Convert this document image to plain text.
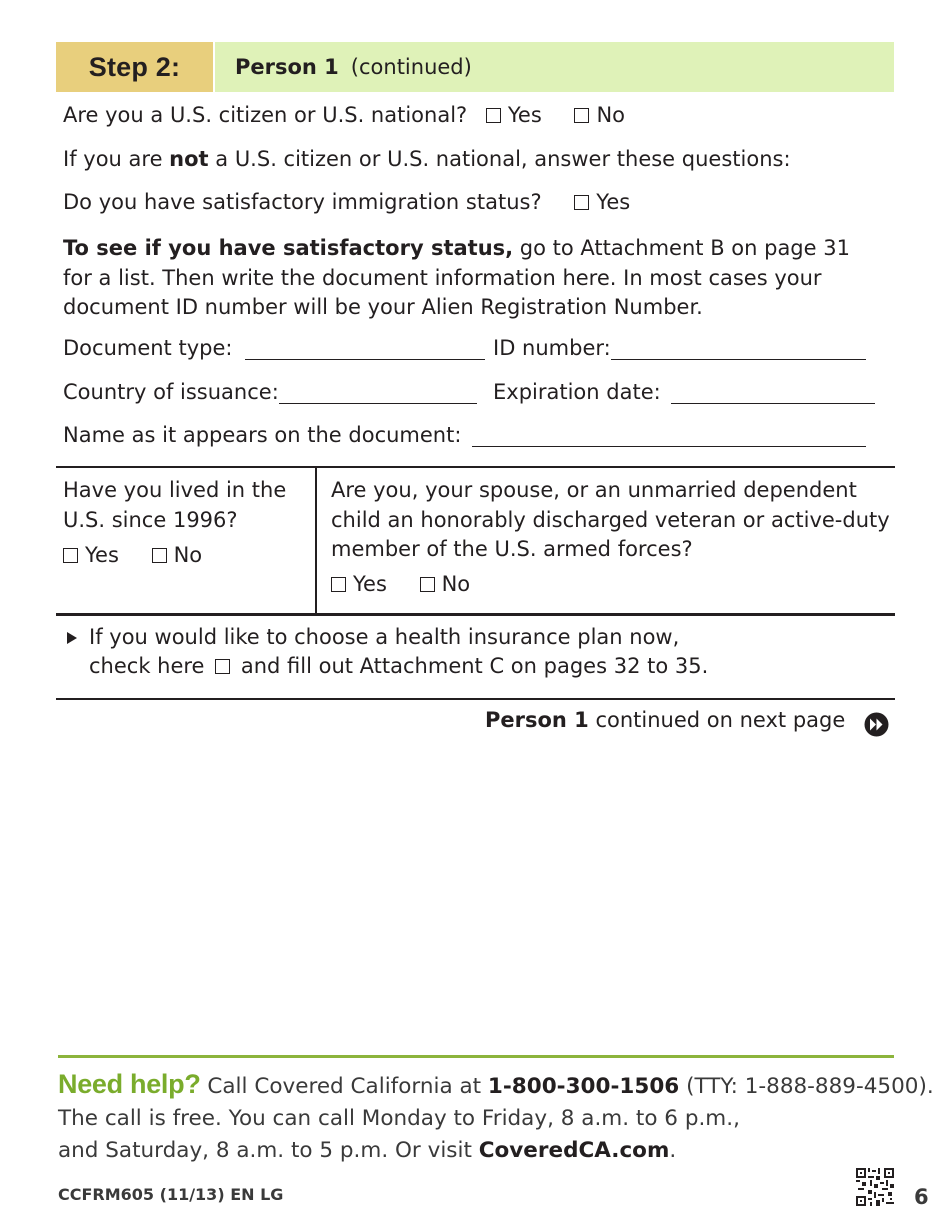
Step 2:	Person 1 (continued)
Are you a U.S. citizen or U.S. national? Yes	No
If you are not a U.S. citizen or U.S. national, answer these questions:
Do you have satisfactory immigration status?	Yes
To see if you have satisfactory status, go to Attachment B on page 31 for a list. Then write the document information here. In most cases your document ID number will be your Alien Registration Number.
Document type:	ID number:
Country of issuance:	Expiration date:
Name as it appears on the document:
Have you lived in the U.S. since 1996?
Yes	No
Are you, your spouse, or an unmarried dependent child an honorably discharged veteran or active-duty member of the U.S. armed forces?
Yes	No
If you would like to choose a health insurance plan now,
check here and fill out Attachment C on pages 32 to 35.
Person 1 continued on next page
Need help? Call Covered California at 1-800-300-1506 (TTY: 1-888-889-4500).
The call is free. You can call Monday to Friday, 8 a.m. to 6 p.m.,
and Saturday, 8 a.m. to 5 p.m. Or visit CoveredCA.com.
CCFRM605 (11/13) EN LG	6
